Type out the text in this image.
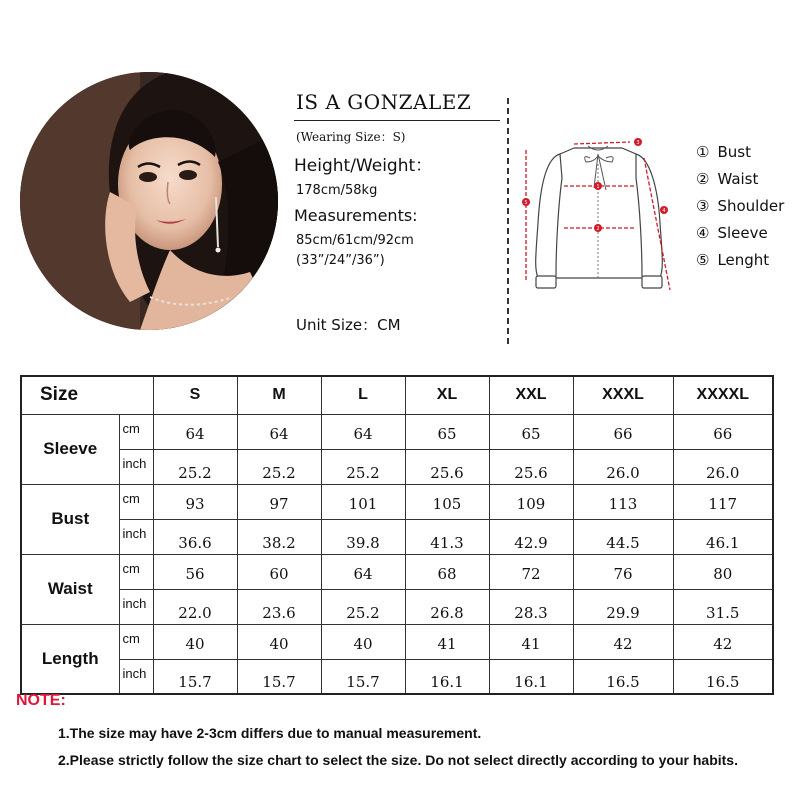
IS A GONZALEZ
(Wearing Size：S)
Height/Weight：
178cm/58kg
Measurements:
85cm/61cm/92cm
(33”/24”/36”)
Unit Size：CM
1
2
3
4
5
① Bust
② Waist
③ Shoulder
④ Sleeve
⑤ Lenght
Size		S	M	L	XL	XXL	XXXL	XXXXL
Sleeve	cm	64	64	64	65	65	66	66
	inch	25.2	25.2	25.2	25.6	25.6	26.0	26.0
Bust	cm	93	97	101	105	109	113	117
	inch	36.6	38.2	39.8	41.3	42.9	44.5	46.1
Waist	cm	56	60	64	68	72	76	80
	inch	22.0	23.6	25.2	26.8	28.3	29.9	31.5
Length	cm	40	40	40	41	41	42	42
	inch	15.7	15.7	15.7	16.1	16.1	16.5	16.5
NOTE:
1.The size may have 2-3cm differs due to manual measurement.
2.Please strictly follow the size chart to select the size. Do not select directly according to your habits.
